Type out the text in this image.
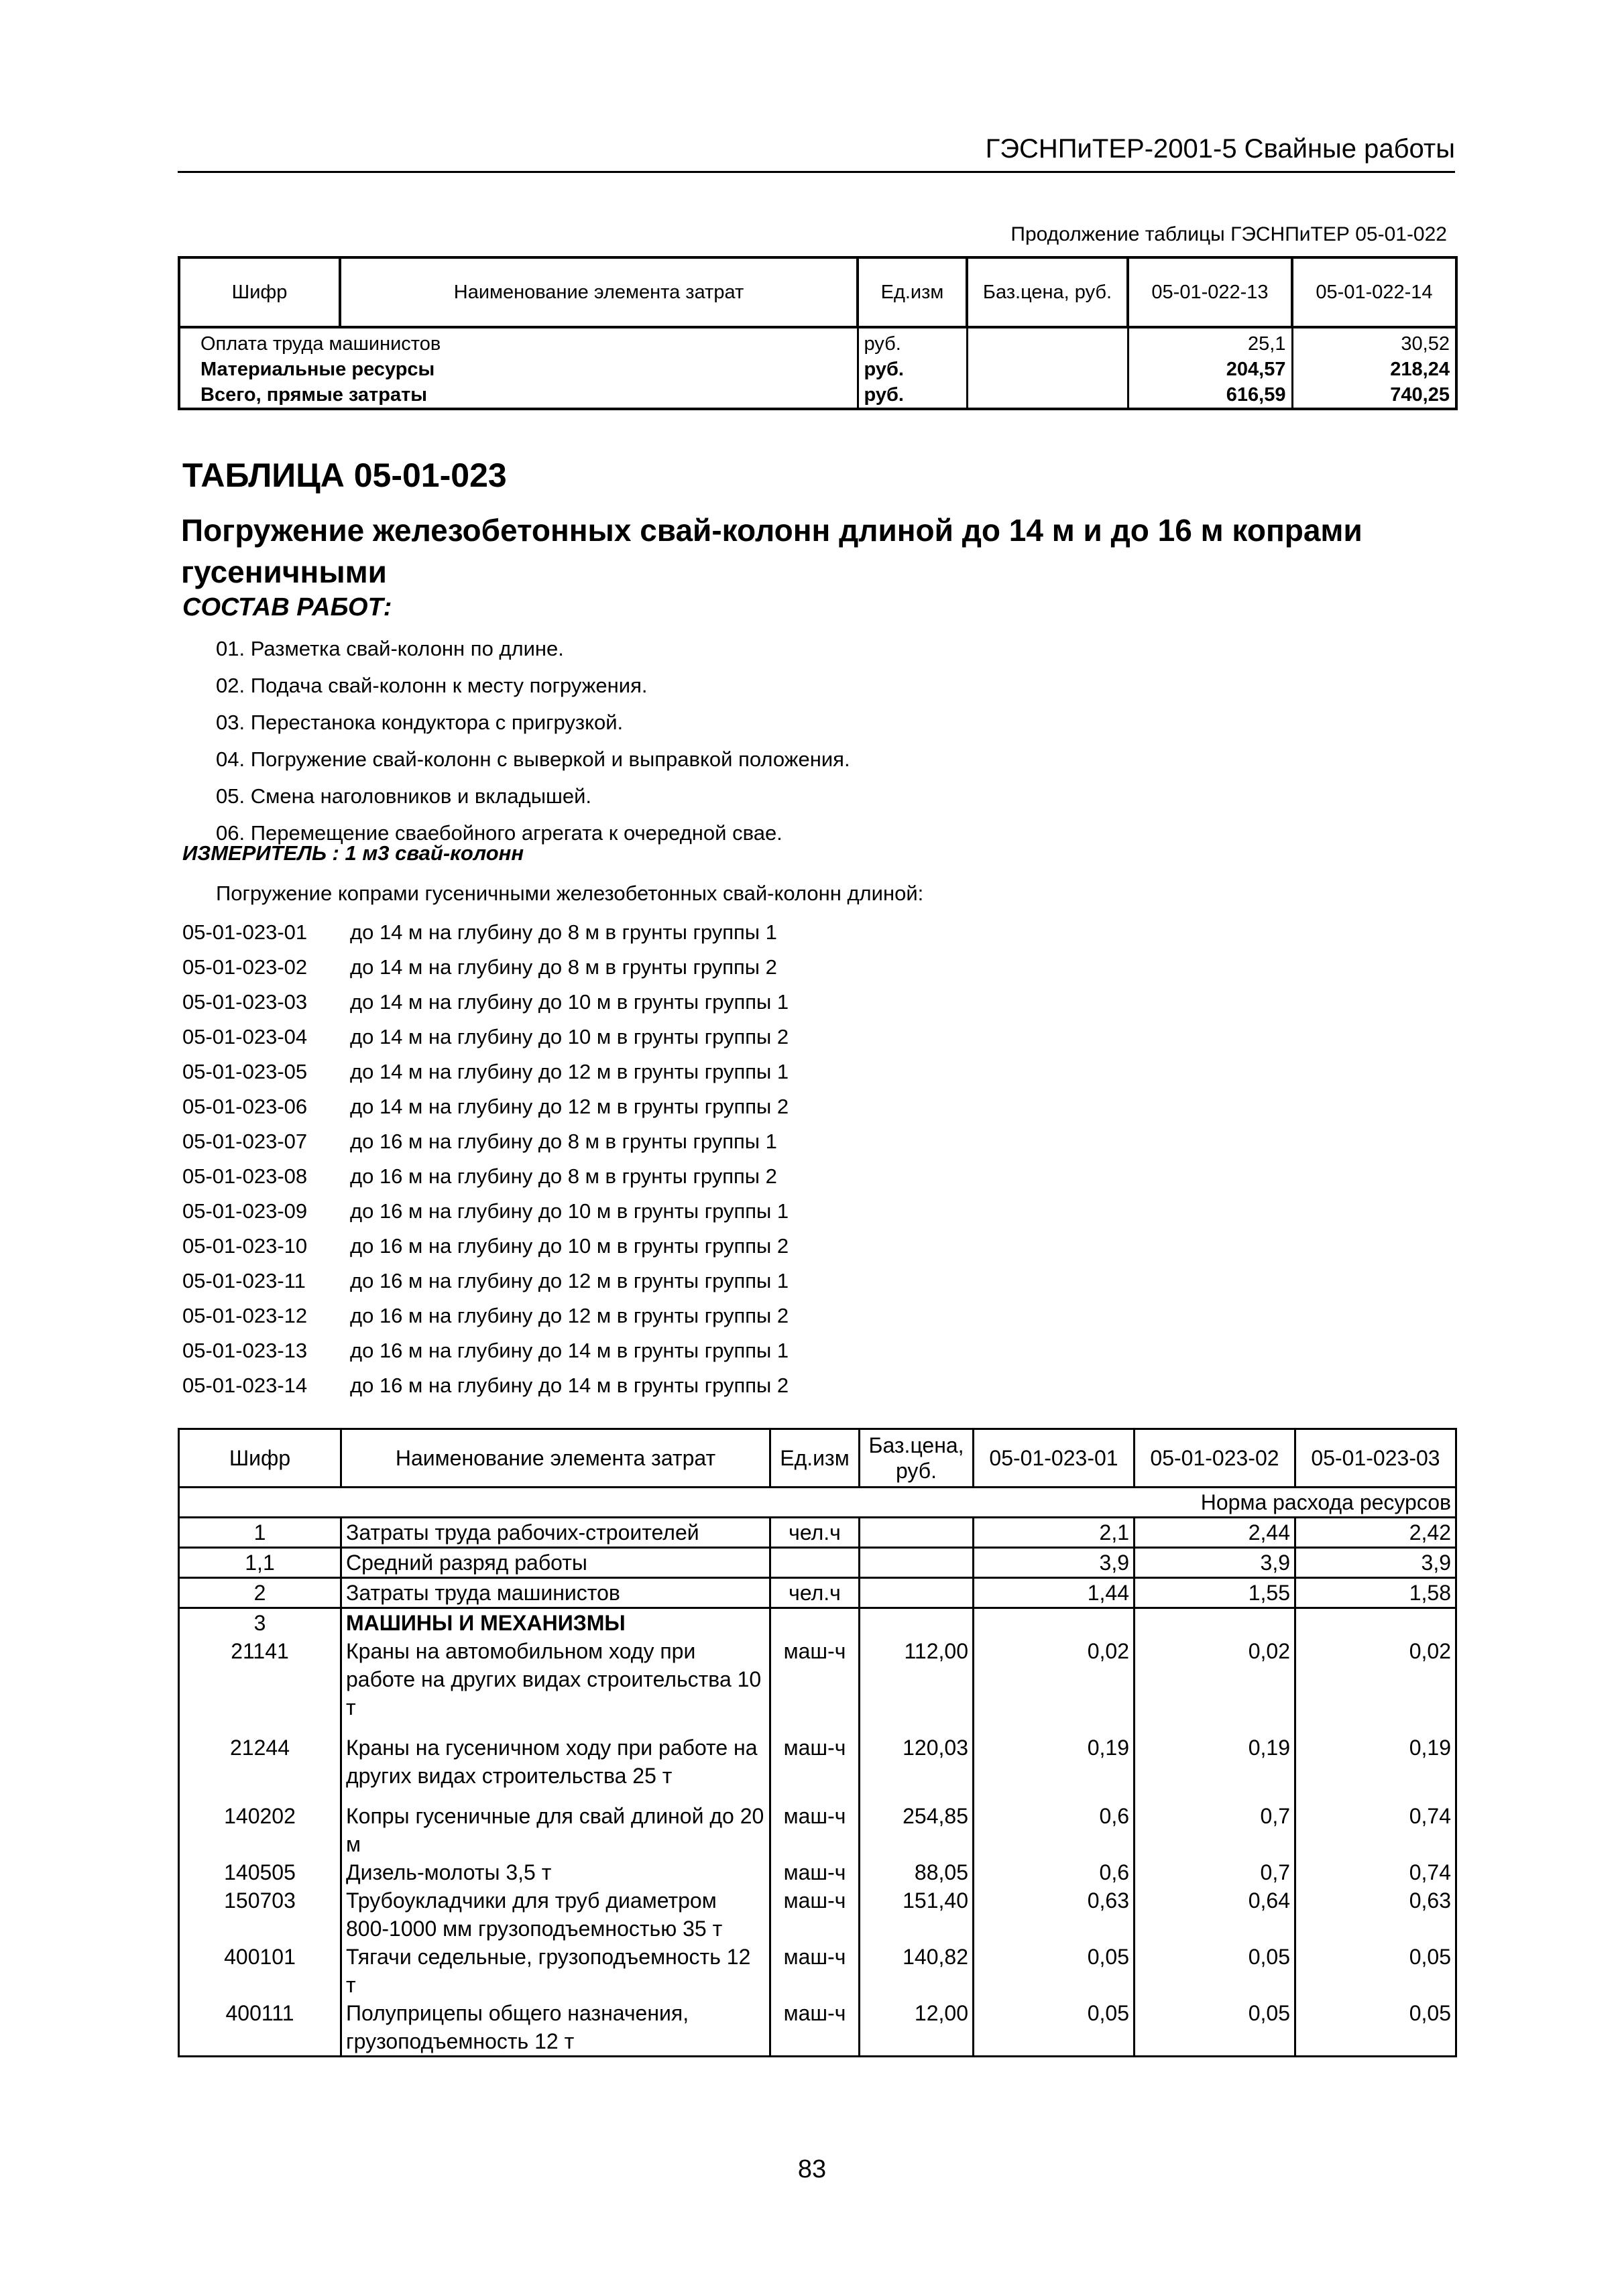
ГЭСНПиТЕР-2001-5 Свайные работы
Продолжение таблицы ГЭСНПиТЕР 05-01-022
Шифр	Наименование элемента затрат	Ед.изм	Баз.цена, руб.	05-01-022-13	05-01-022-14
Оплата труда машинистов		руб.		25,1	30,52
Материальные ресурсы		руб.		204,57	218,24
Всего, прямые затраты		руб.		616,59	740,25
ТАБЛИЦА 05-01-023
Погружение железобетонных свай-колонн длиной до 14 м и до 16 м копрами гусеничными
СОСТАВ РАБОТ:
01. Разметка свай-колонн по длине.
02. Подача свай-колонн к месту погружения.
03. Перестанока кондуктора с пригрузкой.
04. Погружение свай-колонн с выверкой и выправкой положения.
05. Смена наголовников и вкладышей.
06. Перемещение сваебойного агрегата к очередной свае.
ИЗМЕРИТЕЛЬ : 1 м3 свай-колонн
Погружение копрами гусеничными железобетонных свай-колонн длиной:
05-01-023-01	до 14 м на глубину до 8 м в грунты группы 1
05-01-023-02	до 14 м на глубину до 8 м в грунты группы 2
05-01-023-03	до 14 м на глубину до 10 м в грунты группы 1
05-01-023-04	до 14 м на глубину до 10 м в грунты группы 2
05-01-023-05	до 14 м на глубину до 12 м в грунты группы 1
05-01-023-06	до 14 м на глубину до 12 м в грунты группы 2
05-01-023-07	до 16 м на глубину до 8 м в грунты группы 1
05-01-023-08	до 16 м на глубину до 8 м в грунты группы 2
05-01-023-09	до 16 м на глубину до 10 м в грунты группы 1
05-01-023-10	до 16 м на глубину до 10 м в грунты группы 2
05-01-023-11	до 16 м на глубину до 12 м в грунты группы 1
05-01-023-12	до 16 м на глубину до 12 м в грунты группы 2
05-01-023-13	до 16 м на глубину до 14 м в грунты группы 1
05-01-023-14	до 16 м на глубину до 14 м в грунты группы 2
Шифр	Наименование элемента затрат	Ед.изм	Баз.цена, руб.	05-01-023-01	05-01-023-02	05-01-023-03
Норма расхода ресурсов						
1	Затраты труда рабочих-строителей	чел.ч		2,1	2,44	2,42
1,1	Средний разряд работы			3,9	3,9	3,9
2	Затраты труда машинистов	чел.ч		1,44	1,55	1,58
3	МАШИНЫ И МЕХАНИЗМЫ					
21141	Краны на автомобильном ходу при работе на других видах строительства 10 т	маш-ч	112,00	0,02	0,02	0,02
21244	Краны на гусеничном ходу при работе на других видах строительства 25 т	маш-ч	120,03	0,19	0,19	0,19
140202	Копры гусеничные для свай длиной до 20 м	маш-ч	254,85	0,6	0,7	0,74
140505	Дизель-молоты 3,5 т	маш-ч	88,05	0,6	0,7	0,74
150703	Трубоукладчики для труб диаметром 800-1000 мм грузоподъемностью 35 т	маш-ч	151,40	0,63	0,64	0,63
400101	Тягачи седельные, грузоподъемность 12 т	маш-ч	140,82	0,05	0,05	0,05
400111	Полуприцепы общего назначения, грузоподъемность 12 т	маш-ч	12,00	0,05	0,05	0,05
83
